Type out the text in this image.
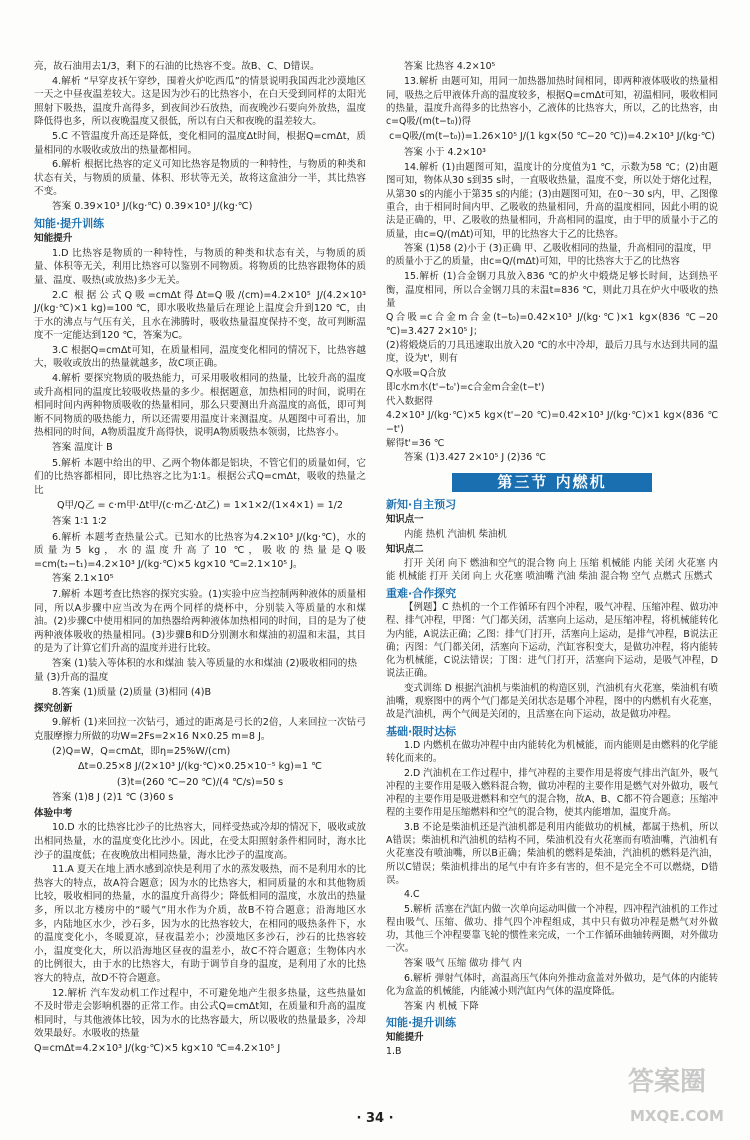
亮，故石油用去1/3，剩下的石油的比热容不变。故B、C、D错误。
4.解析 “早穿皮袄午穿纱，围着火炉吃西瓜”的情景说明我国西北沙漠地区一天之中昼夜温差较大。这是因为沙石的比热容小，在白天受到同样的太阳光照射下吸热，温度升高得多，到夜间沙石放热，而夜晚沙石要向外放热，温度降低得也多，所以夜晚温度又很低，所以有白天和夜晚的温差较大。
5.C 不管温度升高还是降低，变化相同的温度Δt时间，根据Q=cmΔt，质量相同的水吸收或放出的热量都相同。
6.解析 根据比热容的定义可知比热容是物质的一种特性，与物质的种类和状态有关，与物质的质量、体积、形状等无关，故将这盒油分一半，其比热容不变。
答案 0.39×10³ J/(kg·℃) 0.39×10³ J/(kg·℃)
知能·提升训练
知能提升
1.D 比热容是物质的一种特性，与物质的种类和状态有关，与物质的质量、体积等无关，利用比热容可以鉴别不同物质。将物质的比热容跟物体的质量、温度、吸热(或放热)多少无关。
2.C 根据公式Q吸=cmΔt得Δt=Q吸/(cm)=4.2×10⁵ J/(4.2×10³ J/(kg·℃)×1 kg)=100 ℃，即水吸收热量后在理论上温度会升到120 ℃，由于水的沸点与气压有关，且水在沸腾时，吸收热量温度保持不变，故可判断温度不一定能达到120 ℃，答案为C。
3.C 根据Q=cmΔt可知，在质量相同，温度变化相同的情况下，比热容越大，吸收或放出的热量就越多，故C项正确。
4.解析 要探究物质的吸热能力，可采用吸收相同的热量，比较升高的温度或升高相同的温度比较吸收热量的多少。根据题意，加热相同的时间，说明在相同时间内两种物质吸收的热量相同，那么只要测出升高温度的高低，即可判断不同物质的吸热能力，所以还需要用温度计来测温度。从题图中可看出，加热相同的时间，A物质温度升高得快，说明A物质吸热本领弱，比热容小。
答案 温度计 B
5.解析 本题中给出的甲、乙两个物体都是铝块，不管它们的质量如何，它们的比热容都相同，即比热容之比为1∶1。根据公式Q=cmΔt，吸收的热量之比
Q甲/Q乙 = c·m甲·Δt甲/(c·m乙·Δt乙) = 1×1×2/(1×4×1) = 1/2
答案 1∶1 1∶2
6.解析 本题考查热量公式。已知水的比热容为4.2×10³ J/(kg·℃)，水的质量为5 kg，水的温度升高了10 ℃，吸收的热量是Q吸=cm(t₂−t₁)=4.2×10³ J/(kg·℃)×5 kg×10 ℃=2.1×10⁵ J。
答案 2.1×10⁵
7.解析 本题考查比热容的探究实验。(1)实验中应当控制两种液体的质量相同，所以A步骤中应当改为在两个同样的烧杯中，分别装入等质量的水和煤油。(2)步骤C中使用相同的加热器给两种液体加热相同的时间，目的是为了使两种液体吸收的热量相同。(3)步骤B和D分别测水和煤油的初温和末温，其目的是为了计算它们升高的温度并进行比较。
答案 (1)装入等体积的水和煤油 装入等质量的水和煤油 (2)吸收相同的热量 (3)升高的温度
8.答案 (1)质量 (2)质量 (3)相同 (4)B
探究创新
9.解析 (1)来回拉一次钻弓，通过的距离是弓长的2倍，人来回拉一次钻弓克服摩擦力所做的功W=2Fs=2×16 N×0.25 m=8 J。
(2)Q=W，Q=cmΔt，即η=25%W/(cm)
Δt=0.25×8 J/(2×10³ J/(kg·℃)×0.25×10⁻⁵ kg)=1 ℃
(3)t=(260 ℃−20 ℃)/(4 ℃/s)=50 s
答案 (1)8 J (2)1 ℃ (3)60 s
体验中考
10.D 水的比热容比沙子的比热容大，同样受热或冷却的情况下，吸收或放出相同热量，水的温度变化比沙小。因此，在受太阳照射条件相同时，海水比沙子的温度低；在夜晚放出相同热量，海水比沙子的温度高。
11.A 夏天在地上洒水感到凉快是利用了水的蒸发吸热，而不是利用水的比热容大的特点，故A符合题意；因为水的比热容大，相同质量的水和其他物质比较，吸收相同的热量，水的温度升高得少；降低相同的温度，水放出的热量多，所以北方楼房中的“暖气”用水作为介质，故B不符合题意；沿海地区水多，内陆地区水少，沙石多，因为水的比热容较大，在相同的吸热条件下，水的温度变化小，冬暖夏凉，昼夜温差小；沙漠地区多沙石，沙石的比热容较小，温度变化大，所以沿海地区昼夜的温差小，故C不符合题意；生物体内水的比例很大，由于水的比热容大，有助于调节自身的温度，是利用了水的比热容大的特点，故D不符合题意。
12.解析 汽车发动机工作过程中，不可避免地产生很多热量，这些热量如不及时带走会影响机器的正常工作。由公式Q=cmΔt知，在质量和升高的温度相同时，与其他液体比较，因为水的比热容最大，所以吸收的热量最多，冷却效果最好。水吸收的热量
Q=cmΔt=4.2×10³ J/(kg·℃)×5 kg×10 ℃=4.2×10⁵ J
答案 比热容 4.2×10⁵
13.解析 由题可知，用同一加热器加热时间相同，即两种液体吸收的热量相同，吸热之后甲液体升高的温度较多，根据Q=cmΔt可知，初温相同，吸收相同的热量，温度升高得多的比热容小，乙液体的比热容大，所以，乙的比热容，由c=Q吸/(m(t−t₀))得
c=Q吸/(m(t−t₀))=1.26×10⁵ J/(1 kg×(50 ℃−20 ℃))=4.2×10³ J/(kg·℃)
答案 小于 4.2×10³
14.解析 (1)由题图可知，温度计的分度值为1 ℃，示数为58 ℃；(2)由题图可知，物体从30 s到35 s时，一直吸收热量，温度不变，所以处于熔化过程，从第30 s的内能小于第35 s的内能；(3)由题图可知，在0～30 s内，甲、乙图像重合，由于相同时间内甲、乙吸收的热量相同，升高的温度相同，因此小明的说法是正确的，甲、乙吸收的热量相同，升高相同的温度，由于甲的质量小于乙的质量，由c=Q/(mΔt)可知，甲的比热容大于乙的比热容。
答案 (1)58 (2)小于 (3)正确 甲、乙吸收相同的热量，升高相同的温度，甲的质量小于乙的质量，由c=Q/(mΔt)可知，甲的比热容大于乙的比热容
15.解析 (1)合金钢刀具放入836 ℃的炉火中煅烧足够长时间，达到热平衡，温度相同，所以合金钢刀具的末温t=836 ℃，则此刀具在炉火中吸收的热量
Q合吸=c合金m合金(t−t₀)=0.42×10³ J/(kg·℃)×1 kg×(836 ℃−20 ℃)=3.427 2×10⁵ J；
(2)将煅烧后的刀具迅速取出放入20 ℃的水中冷却，最后刀具与水达到共同的温度，设为t'，则有
Q水吸=Q合放
即c水m水(t'−t₀')=c合金m合金(t−t')
代入数据得
4.2×10³ J/(kg·℃)×5 kg×(t'−20 ℃)=0.42×10³ J/(kg·℃)×1 kg×(836 ℃−t')
解得t'=36 ℃
答案 (1)3.427 2×10⁵ J (2)36 ℃
第三节 内燃机
新知·自主预习
知识点一
内能 热机 汽油机 柴油机
知识点二
打开 关闭 向下 燃油和空气的混合物 向上 压缩 机械能 内能 关闭 火花塞 内能 机械能 打开 关闭 向上 火花塞 喷油嘴 汽油 柴油 混合物 空气 点燃式 压燃式
重难·合作探究
【例题】C 热机的一个工作循环有四个冲程，吸气冲程、压缩冲程、做功冲程、排气冲程，甲图：气门都关闭，活塞向上运动，是压缩冲程，将机械能转化为内能，A说法正确；乙图：排气门打开，活塞向上运动，是排气冲程，B说法正确；丙图：气门都关闭，活塞向下运动，汽缸容积变大，是做功冲程，将内能转化为机械能，C说法错误；丁图：进气门打开，活塞向下运动，是吸气冲程，D说法正确。
变式训练 D 根据汽油机与柴油机的构造区别，汽油机有火花塞，柴油机有喷油嘴，观察图中的两个气门都是关闭状态是哪个冲程，图中的内燃机有火花塞，故是汽油机，两个气阀是关闭的，且活塞在向下运动，故是做功冲程。
基础·限时达标
1.D 内燃机在做功冲程中由内能转化为机械能，而内能则是由燃料的化学能转化而来的。
2.D 汽油机在工作过程中，排气冲程的主要作用是将废气排出汽缸外，吸气冲程的主要作用是吸入燃料混合物，做功冲程的主要作用是燃气对外做功，吸气冲程的主要作用是吸进燃料和空气的混合物，故A、B、C都不符合题意；压缩冲程的主要作用是压缩燃料和空气的混合物，使其内能增加，温度升高。
3.B 不论是柴油机还是汽油机都是利用内能做功的机械，都属于热机，所以A错误；柴油机和汽油机的结构不同，柴油机没有火花塞而有喷油嘴，汽油机有火花塞没有喷油嘴，所以B正确；柴油机的燃料是柴油，汽油机的燃料是汽油，所以C错误；柴油机排出的尾气中有许多有害的，但不是完全不可以燃烧，D错误。
4.C
5.解析 活塞在汽缸内做一次单向运动叫做一个冲程，四冲程汽油机的工作过程由吸气、压缩、做功、排气四个冲程组成，其中只有做功冲程是燃气对外做功，其他三个冲程要靠飞轮的惯性来完成，一个工作循环曲轴转两圈，对外做功一次。
答案 吸气 压缩 做功 排气 内
6.解析 弹射气体时，高温高压气体向外推动盒盖对外做功，是气体的内能转化为盒盖的机械能，内能减小则汽缸内气体的温度降低。
答案 内 机械 下降
知能·提升训练
知能提升
1.B
· 34 ·
答案圈
MXQE.COM
